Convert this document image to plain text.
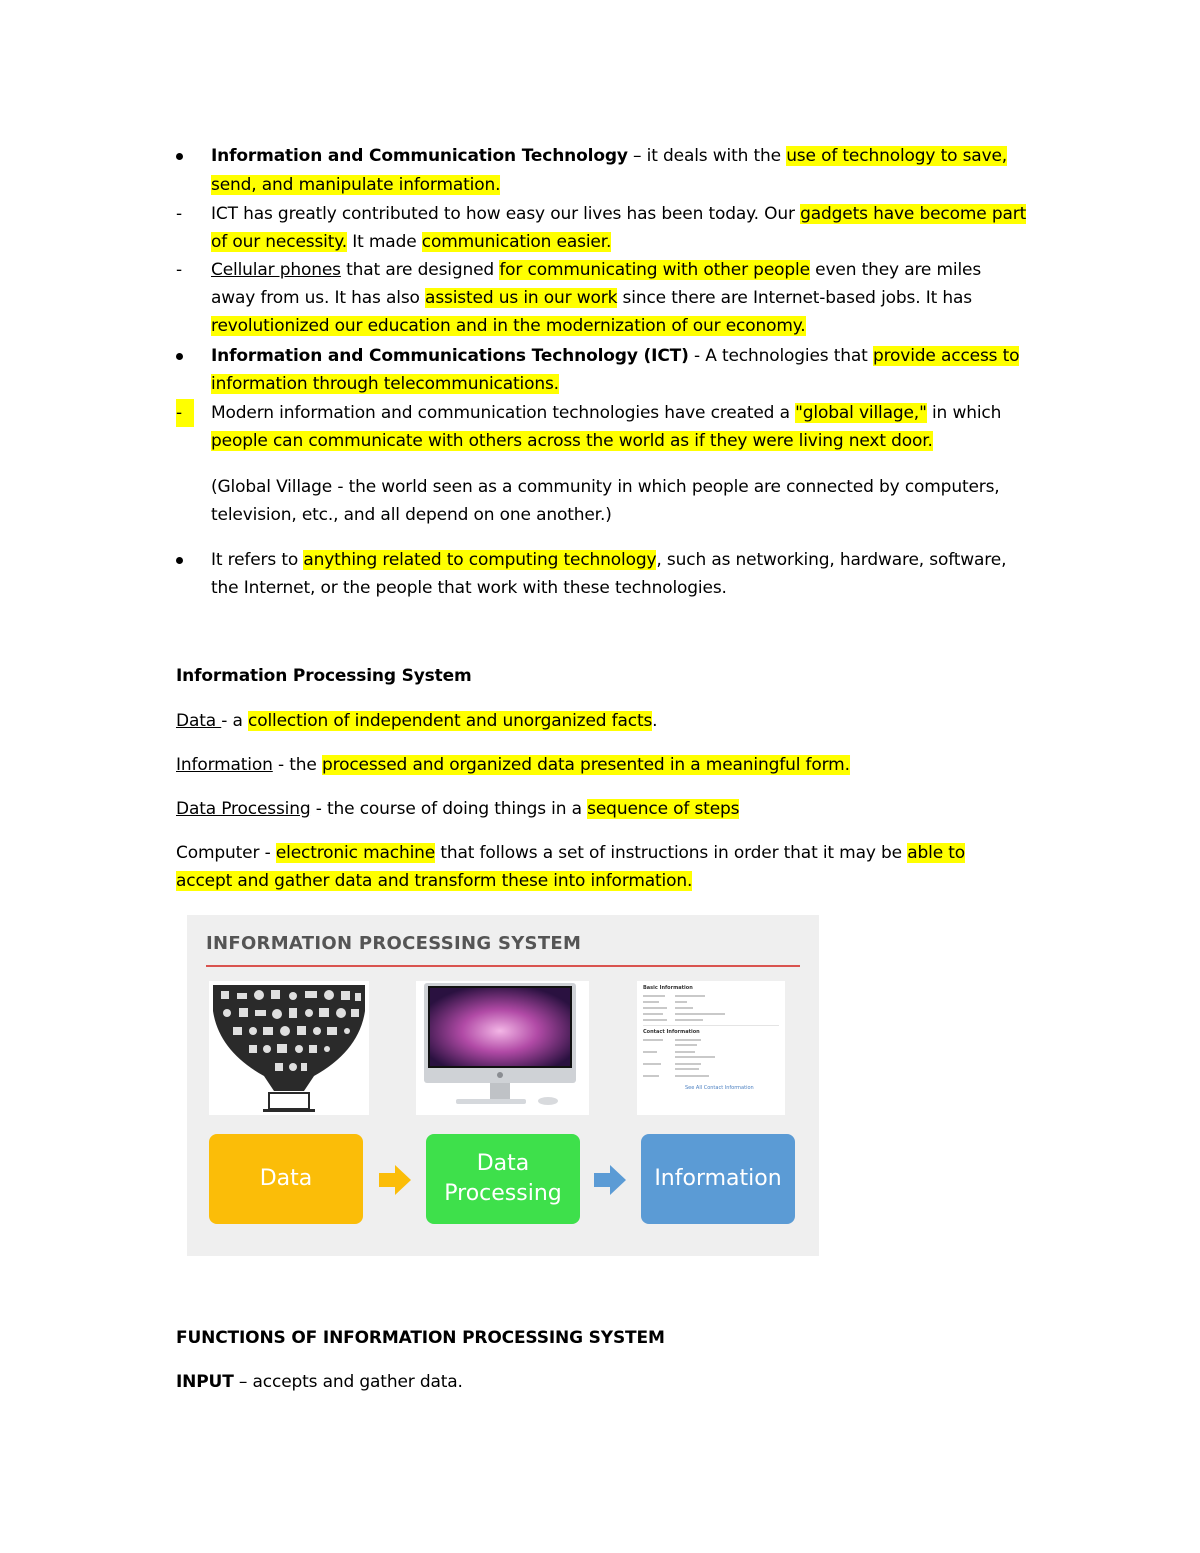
Information and Communication Technology – it deals with the use of technology to save,
send, and manipulate information.
- ICT has greatly contributed to how easy our lives has been today. Our gadgets have become part
of our necessity. It made communication easier.
- Cellular phones that are designed for communicating with other people even they are miles
away from us. It has also assisted us in our work since there are Internet-based jobs. It has
revolutionized our education and in the modernization of our economy.
Information and Communications Technology (ICT) - A technologies that provide access to
information through telecommunications.
-	Modern information and communication technologies have created a "global village," in which
people can communicate with others across the world as if they were living next door.
(Global Village - the world seen as a community in which people are connected by computers,
television, etc., and all depend on one another.)
It refers to anything related to computing technology, such as networking, hardware, software,
the Internet, or the people that work with these technologies.
Information Processing System
Data - a collection of independent and unorganized facts.
Information - the processed and organized data presented in a meaningful form.
Data Processing - the course of doing things in a sequence of steps
Computer - electronic machine that follows a set of instructions in order that it may be able to
accept and gather data and transform these into information.
INFORMATION PROCESSING SYSTEM
Basic Information
Contact Information
See All Contact Information
Data
Data
Processing
Information
FUNCTIONS OF INFORMATION PROCESSING SYSTEM
INPUT – accepts and gather data.
